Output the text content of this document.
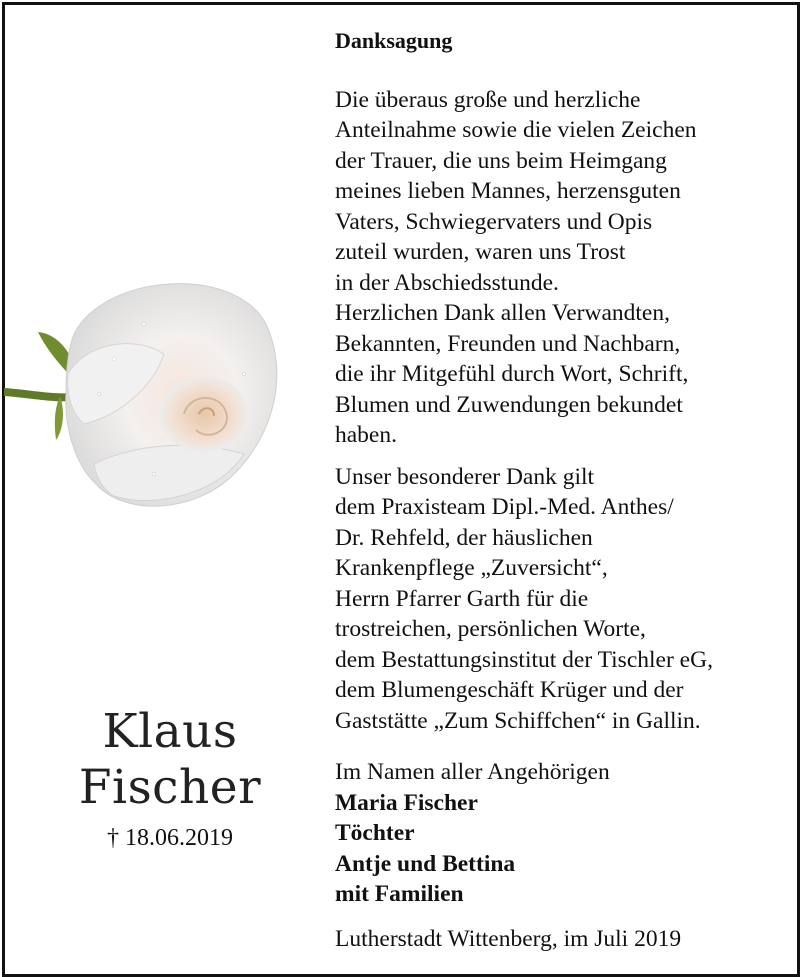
Klaus
Fischer
† 18.06.2019
Danksagung

Die überaus große und herzliche

Anteilnahme sowie die vielen Zeichen

der Trauer, die uns beim Heimgang

meines lieben Mannes, herzensguten

Vaters, Schwiegervaters und Opis

zuteil wurden, waren uns Trost

in der Abschiedsstunde.

Herzlichen Dank allen Verwandten,

Bekannten, Freunden und Nachbarn,

die ihr Mitgefühl durch Wort, Schrift,

Blumen und Zuwendungen bekundet

haben.

Unser besonderer Dank gilt

dem Praxisteam Dipl.-Med. Anthes/

Dr. Rehfeld, der häuslichen

Krankenpflege „Zuversicht“,

Herrn Pfarrer Garth für die

trostreichen, persönlichen Worte,

dem Bestattungsinstitut der Tischler eG,

dem Blumengeschäft Krüger und der

Gaststätte „Zum Schiffchen“ in Gallin.

Im Namen aller Angehörigen

Maria Fischer

Töchter

Antje und Bettina

mit Familien

Lutherstadt Wittenberg, im Juli 2019
